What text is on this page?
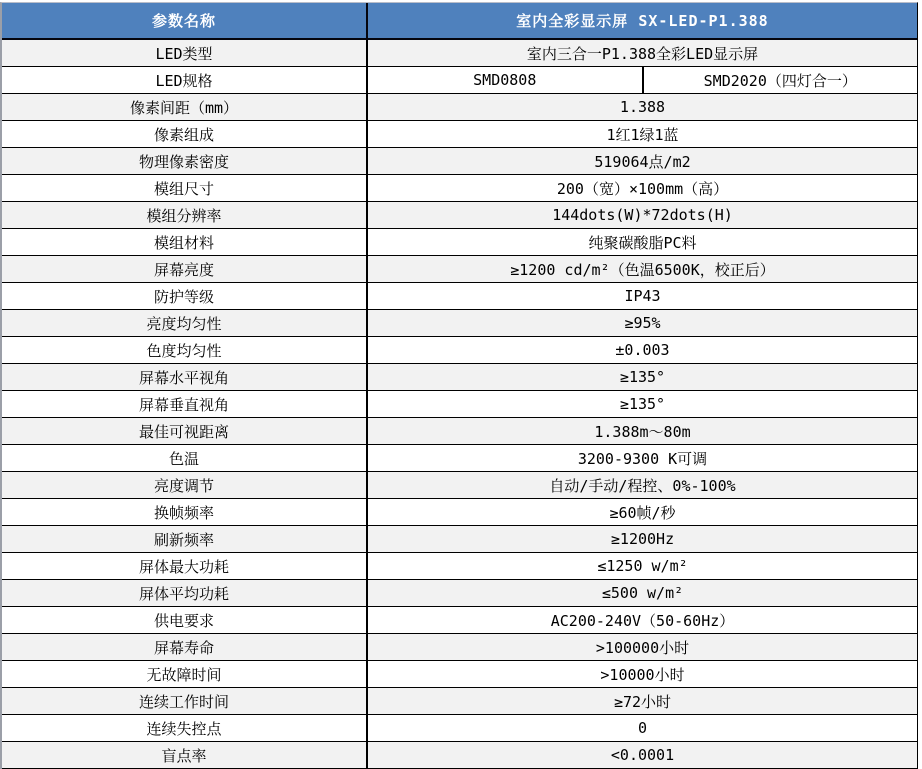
参数名称	室内全彩显示屏 SX-LED-P1.388
LED类型	室内三合一P1.388全彩LED显示屏
LED规格	SMD0808	SMD2020（四灯合一）
像素间距（mm）	1.388
像素组成	1红1绿1蓝
物理像素密度	519064点/m2
模组尺寸	200（宽）×100mm（高）
模组分辨率	144dots(W)*72dots(H)
模组材料	纯聚碳酸脂PC料
屏幕亮度	≥1200 cd/m²（色温6500K，校正后）
防护等级	IP43
亮度均匀性	≥95%
色度均匀性	±0.003
屏幕水平视角	≥135°
屏幕垂直视角	≥135°
最佳可视距离	1.388m～80m
色温	3200-9300 K可调
亮度调节	自动/手动/程控、0%-100%
换帧频率	≥60帧/秒
刷新频率	≥1200Hz
屏体最大功耗	≤1250 w/m²
屏体平均功耗	≤500 w/m²
供电要求	AC200-240V（50-60Hz）
屏幕寿命	>100000小时
无故障时间	>10000小时
连续工作时间	≥72小时
连续失控点	0
盲点率	<0.0001
